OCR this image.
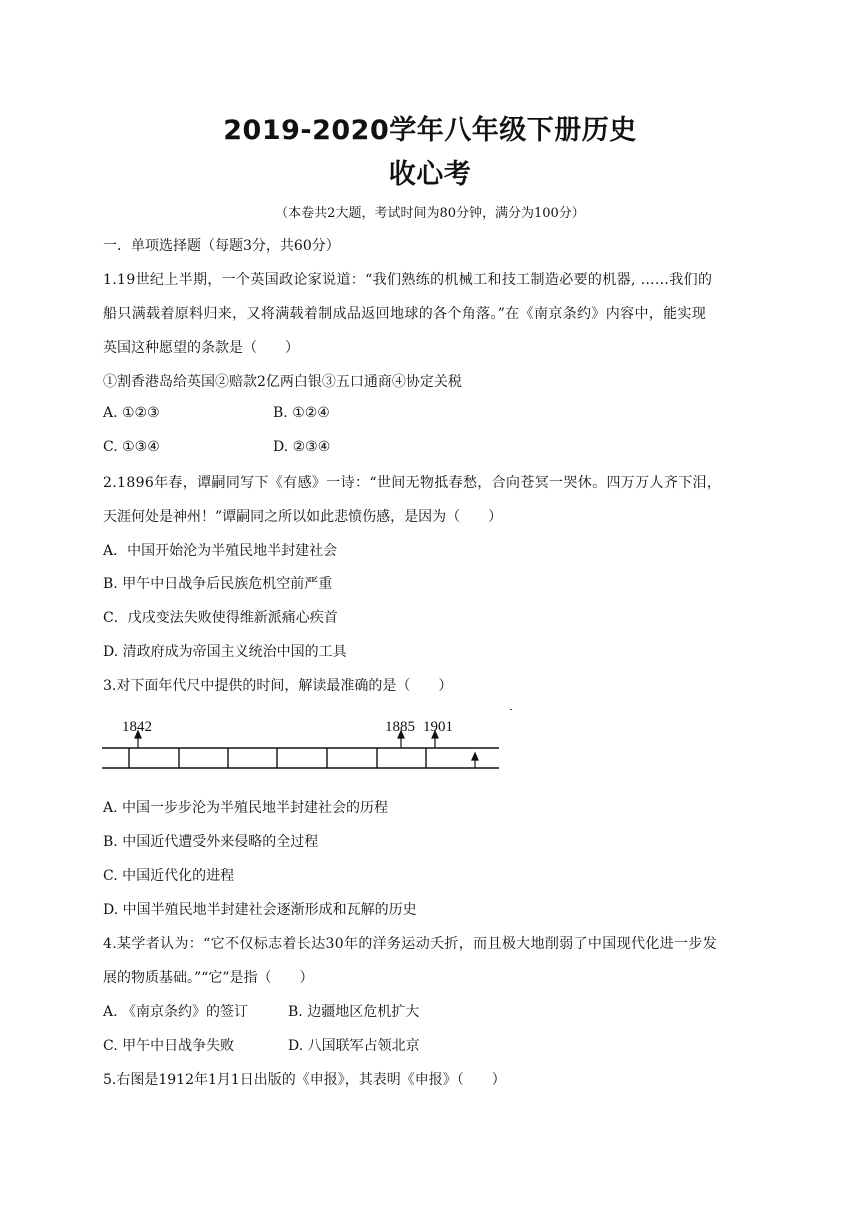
2019-2020学年八年级下册历史
收心考
（本卷共2大题，考试时间为80分钟，满分为100分）
一．单项选择题（每题3分，共60分）
1.19世纪上半期，一个英国政论家说道：“我们熟练的机械工和技工制造必要的机器, ……我们的
船只满载着原料归来，又将满载着制成品返回地球的各个角落。”在《南京条约》内容中，能实现
英国这种愿望的条款是（　　）
①割香港岛给英国②赔款2亿两白银③五口通商④协定关税
A. ①②③	B. ①②④
C. ①③④	D. ②③④
2.1896年春，谭嗣同写下《有感》一诗：“世间无物抵春愁，合向苍冥一哭休。四万万人齐下泪，
天涯何处是神州！”谭嗣同之所以如此悲愤伤感，是因为（　　）
A．中国开始沦为半殖民地半封建社会
B. 甲午中日战争后民族危机空前严重
C．戊戌变法失败使得维新派痛心疾首
D. 清政府成为帝国主义统治中国的工具
3.对下面年代尺中提供的时间，解读最准确的是（　　）
1842	1885 1901
A. 中国一步步沦为半殖民地半封建社会的历程
B. 中国近代遭受外来侵略的全过程
C. 中国近代化的进程
D. 中国半殖民地半封建社会逐渐形成和瓦解的历史
4.某学者认为：“它不仅标志着长达30年的洋务运动夭折，而且极大地削弱了中国现代化进一步发
展的物质基础。”“它”是指（　　）
A. 《南京条约》的签订	B. 边疆地区危机扩大
C. 甲午中日战争失败	D. 八国联军占领北京
5.右图是1912年1月1日出版的《申报》，其表明《申报》（　　）
